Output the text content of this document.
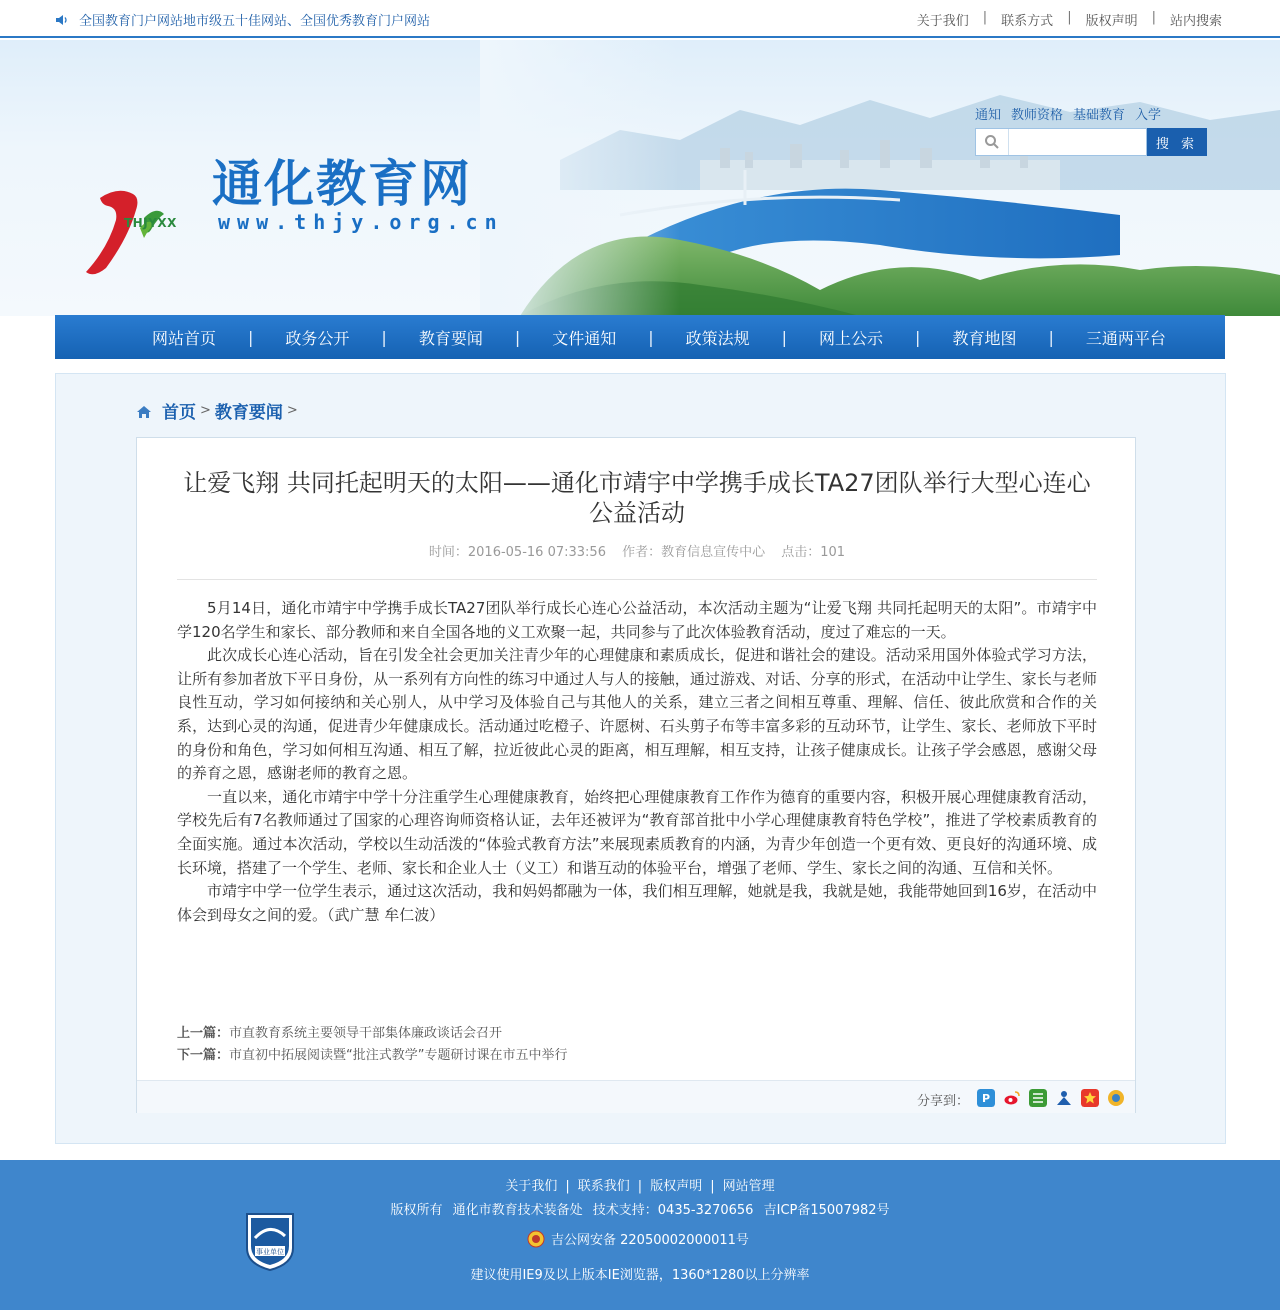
全国教育门户网站地市级五十佳网站、全国优秀教育门户网站	关于我们 | 联系方式 | 版权声明 | 站内搜索
THJYXX
通化教育网
www.thjy.org.cn
通知 教师资格 基础教育 入学
搜 索
网站首页 | 政务公开 | 教育要闻 | 文件通知 | 政策法规 | 网上公示 | 教育地图 | 三通两平台
首页 > 教育要闻 >
让爱飞翔 共同托起明天的太阳——通化市靖宇中学携手成长TA27团队举行大型心连心公益活动
时间：2016-05-16 07:33:56 作者：教育信息宣传中心 点击：101

5月14日，通化市靖宇中学携手成长TA27团队举行成长心连心公益活动，本次活动主题为“让爱飞翔 共同托起明天的太阳”。市靖宇中学120名学生和家长、部分教师和来自全国各地的义工欢聚一起，共同参与了此次体验教育活动，度过了难忘的一天。

此次成长心连心活动，旨在引发全社会更加关注青少年的心理健康和素质成长，促进和谐社会的建设。活动采用国外体验式学习方法，让所有参加者放下平日身份，从一系列有方向性的练习中通过人与人的接触，通过游戏、对话、分享的形式，在活动中让学生、家长与老师良性互动，学习如何接纳和关心别人，从中学习及体验自己与其他人的关系，建立三者之间相互尊重、理解、信任、彼此欣赏和合作的关系，达到心灵的沟通，促进青少年健康成长。活动通过吃橙子、许愿树、石头剪子布等丰富多彩的互动环节，让学生、家长、老师放下平时的身份和角色，学习如何相互沟通、相互了解，拉近彼此心灵的距离，相互理解，相互支持，让孩子健康成长。让孩子学会感恩，感谢父母的养育之恩，感谢老师的教育之恩。

一直以来，通化市靖宇中学十分注重学生心理健康教育，始终把心理健康教育工作作为德育的重要内容，积极开展心理健康教育活动，学校先后有7名教师通过了国家的心理咨询师资格认证，去年还被评为“教育部首批中小学心理健康教育特色学校”，推进了学校素质教育的全面实施。通过本次活动，学校以生动活泼的“体验式教育方法”来展现素质教育的内涵，为青少年创造一个更有效、更良好的沟通环境、成长环境，搭建了一个学生、老师、家长和企业人士（义工）和谐互动的体验平台，增强了老师、学生、家长之间的沟通、互信和关怀。

市靖宇中学一位学生表示，通过这次活动，我和妈妈都融为一体，我们相互理解，她就是我，我就是她，我能带她回到16岁，在活动中体会到母女之间的爱。（武广慧 牟仁波）

上一篇：市直教育系统主要领导干部集体廉政谈话会召开
下一篇：市直初中拓展阅读暨“批注式教学”专题研讨课在市五中举行
分享到： P
关于我们 | 联系我们 | 版权声明 | 网站管理
版权所有 通化市教育技术装备处 技术支持：0435-3270656 吉ICP备15007982号
事业单位
吉公网安备 22050002000011号
建议使用IE9及以上版本IE浏览器，1360*1280以上分辨率
